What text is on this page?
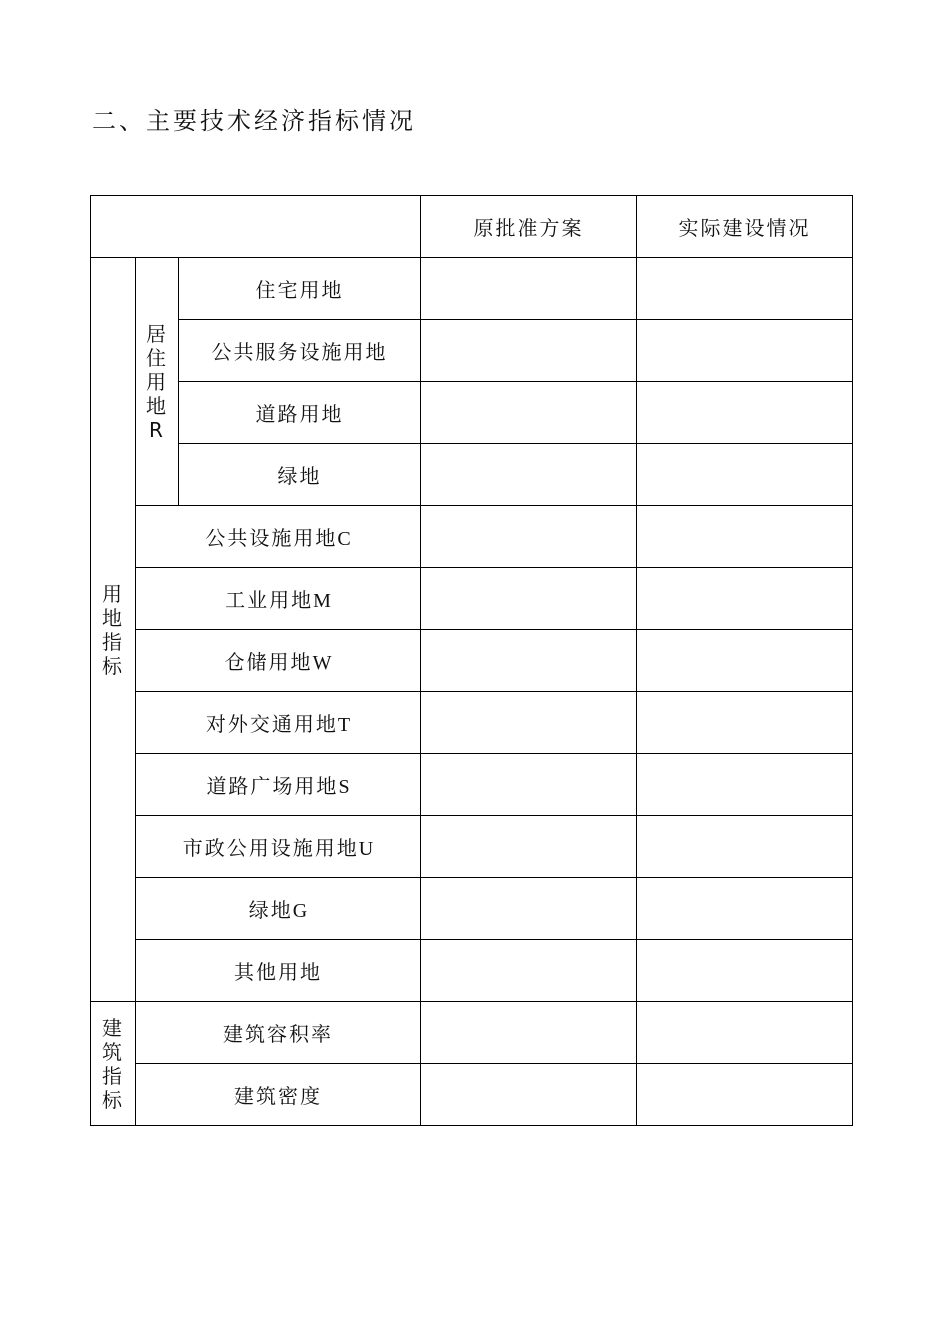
二、主要技术经济指标情况
			原批准方案	实际建设情况

用地指标	居住用地R	住宅用地		
		公共服务设施用地		
		道路用地		
		绿地		
	公共设施用地C			
	工业用地M			
	仓储用地W			
	对外交通用地T			
	道路广场用地S			
	市政公用设施用地U			
	绿地G			
	其他用地			

建筑指标	建筑容积率			
	建筑密度			
